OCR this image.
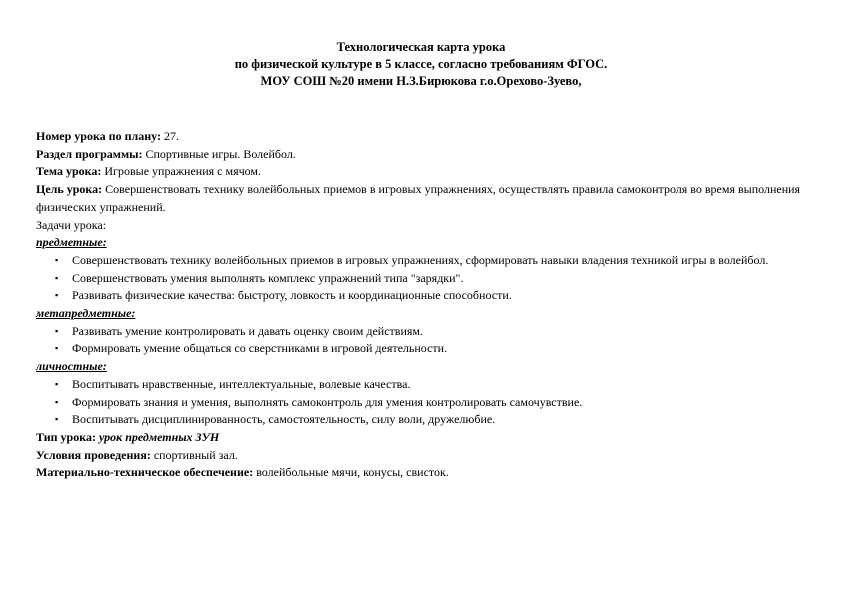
Технологическая карта урока
по физической культуре в 5 классе, согласно требованиям ФГОС.
МОУ СОШ №20 имени Н.З.Бирюкова г.о.Орехово-Зуево,
Номер урока по плану: 27.
Раздел программы: Спортивные игры. Волейбол.
Тема урока: Игровые упражнения с мячом.
Цель урока: Совершенствовать технику волейбольных приемов в игровых упражнениях, осуществлять правила самоконтроля во время выполнения физических упражнений.
Задачи урока:
предметные:
▪ Совершенствовать технику волейбольных приемов в игровых упражнениях, сформировать навыки владения техникой игры в волейбол.
▪ Совершенствовать умения выполнять комплекс упражнений типа "зарядки".
▪ Развивать физические качества: быстроту, ловкость и координационные способности.
метапредметные:
▪ Развивать умение контролировать и давать оценку своим действиям.
▪ Формировать умение общаться со сверстниками в игровой деятельности.
личностные:
▪ Воспитывать нравственные, интеллектуальные, волевые качества.
▪ Формировать знания и умения, выполнять самоконтроль для умения контролировать самочувствие.
▪ Воспитывать дисциплинированность, самостоятельность, силу воли, дружелюбие.
Тип урока: урок предметных ЗУН
Условия проведения: спортивный зал.
Материально-техническое обеспечение: волейбольные мячи, конусы, свисток.
